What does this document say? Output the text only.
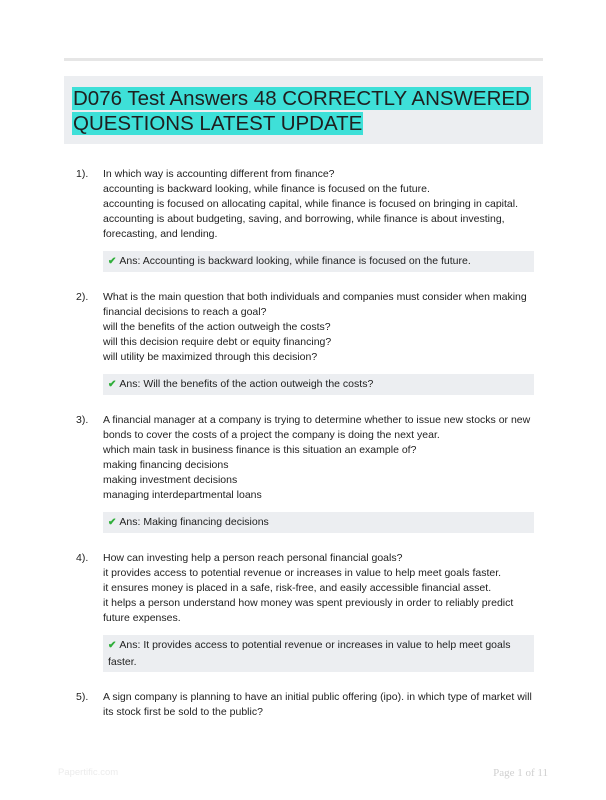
D076 Test Answers 48 CORRECTLY ANSWERED QUESTIONS LATEST UPDATE
1). In which way is accounting different from finance?
accounting is backward looking, while finance is focused on the future.
accounting is focused on allocating capital, while finance is focused on bringing in capital.
accounting is about budgeting, saving, and borrowing, while finance is about investing, forecasting, and lending.
✔ Ans: Accounting is backward looking, while finance is focused on the future.
2). What is the main question that both individuals and companies must consider when making financial decisions to reach a goal?
will the benefits of the action outweigh the costs?
will this decision require debt or equity financing?
will utility be maximized through this decision?
✔ Ans: Will the benefits of the action outweigh the costs?
3). A financial manager at a company is trying to determine whether to issue new stocks or new bonds to cover the costs of a project the company is doing the next year.
which main task in business finance is this situation an example of?
making financing decisions
making investment decisions
managing interdepartmental loans
✔ Ans: Making financing decisions
4). How can investing help a person reach personal financial goals?
it provides access to potential revenue or increases in value to help meet goals faster.
it ensures money is placed in a safe, risk-free, and easily accessible financial asset.
it helps a person understand how money was spent previously in order to reliably predict future expenses.
✔ Ans: It provides access to potential revenue or increases in value to help meet goals faster.
5). A sign company is planning to have an initial public offering (ipo). in which type of market will its stock first be sold to the public?
Papertific.com	Page 1 of 11
